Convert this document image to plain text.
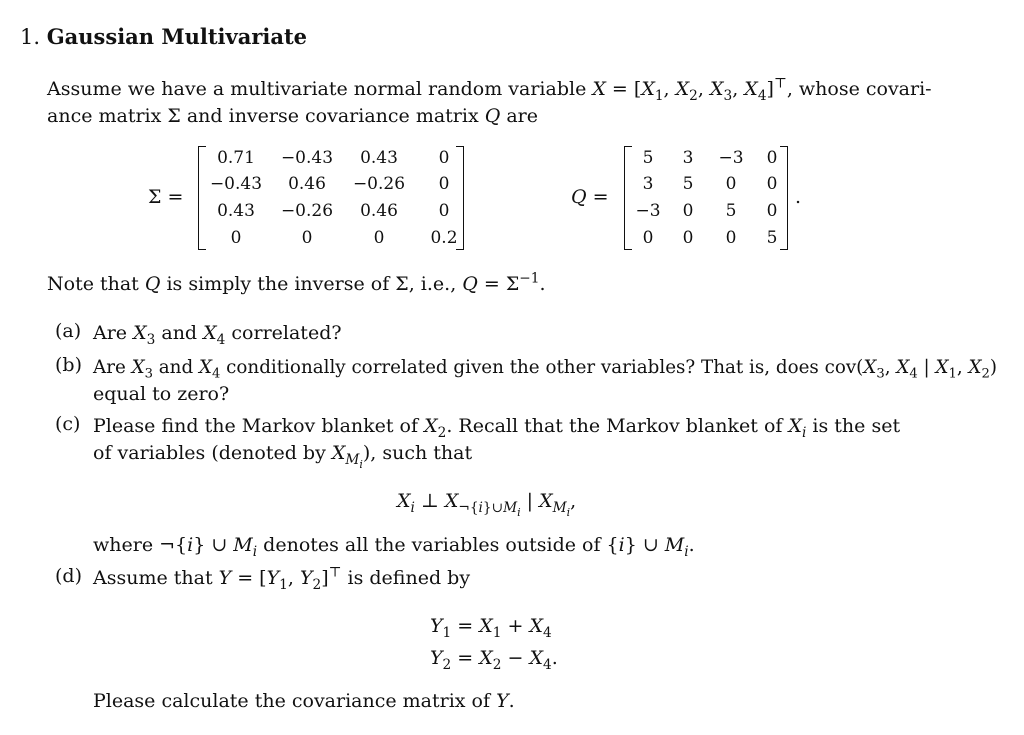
1. Gaussian Multivariate
Assume we have a multivariate normal random variable $X = [X_1$, $X_2$, $X_3$, $X_4]^⊤$, whose covari-
ance matrix Σ and inverse covariance matrix Q are
Σ =
0.71	−0.43	0.43	0
−0.43	0.46	−0.26	0
0.43	−0.26	0.46	0
0	0	0	0.2
Q =
5	3	−3	0
3	5	0	0
−3	0	5	0
0	0	0	5
.
Note that Q is simply the inverse of Σ, i.e., $Q = \Sigma^{-1}$.
(a) Are $X_3$ and $X_4$ correlated?
(b) Are $X_3$ and $X_4$ conditionally correlated given the other variables? That is, does $cov(X_3$, $X_4$ | $X_1$, $X_2$)
equal to zero?
(c) Please find the Markov blanket of $X_2$. Recall that the Markov blanket of $X_i$ is the set
of variables (denoted by $X_{M_i}$), such that
$X_i$ ⊥ $X_{\neg\{i\}\cup M_i}$ | $X_{M_i}$,
where ¬{i} ∪ $M_i$ denotes all the variables outside of {i} ∪ $M_i$.
(d) Assume that $Y = [Y_1$, $Y_2]^⊤$ is defined by
$Y_1 = X_1 + X_4$
$Y_2 = X_2 - X_4$.
Please calculate the covariance matrix of Y.
